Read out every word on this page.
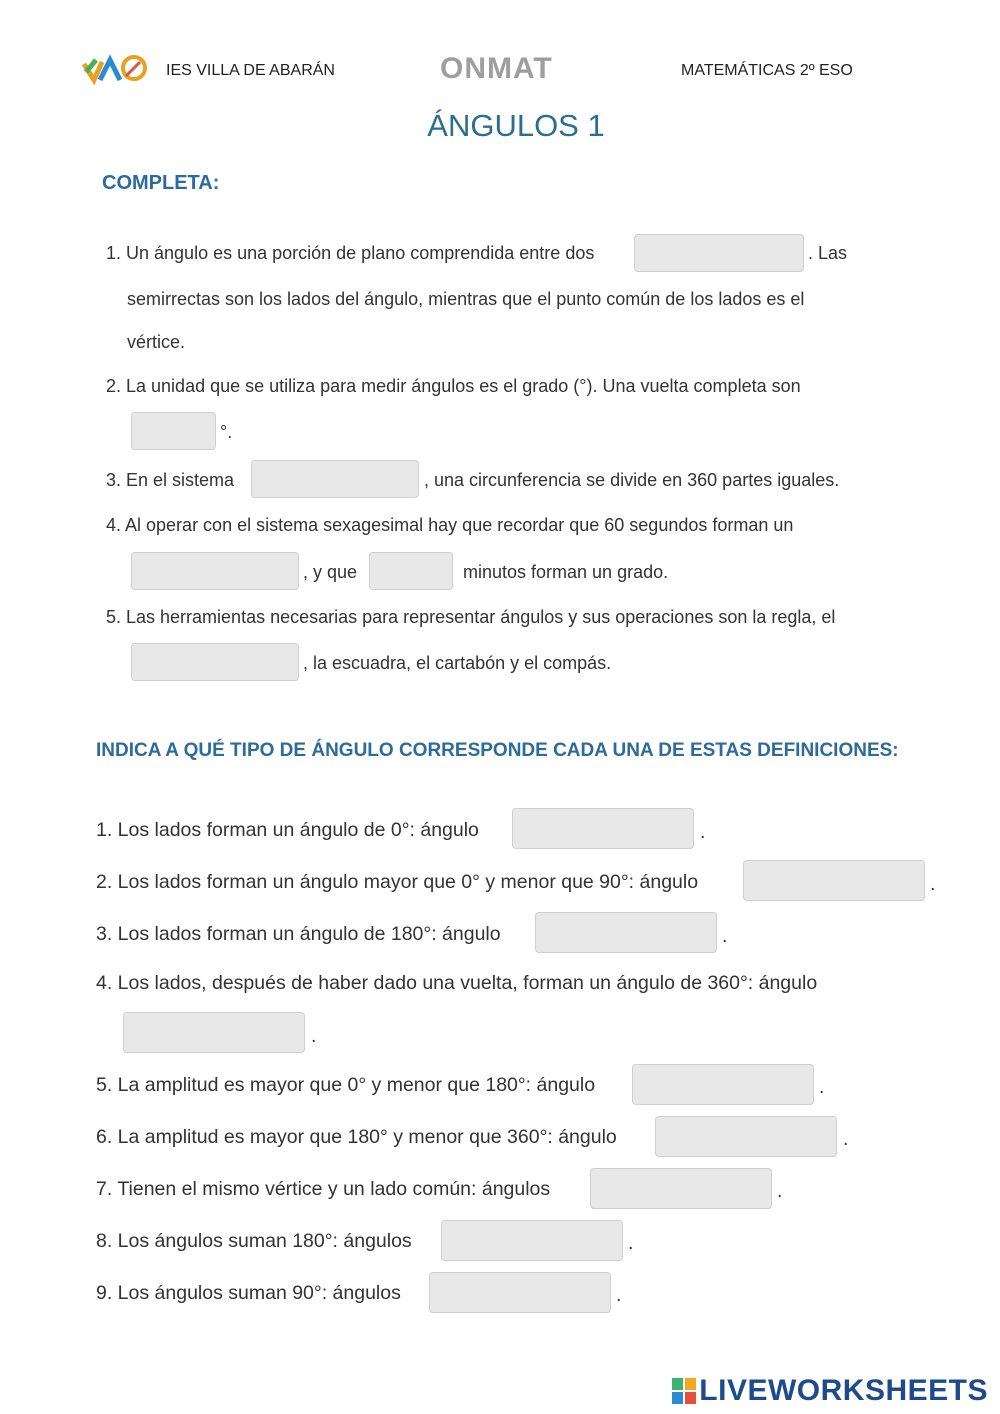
IES VILLA DE ABARÁN	ONMAT	MATEMÁTICAS 2º ESO
ÁNGULOS 1
COMPLETA:
1. Un ángulo es una porción de plano comprendida entre dos	. Las
semirrectas son los lados del ángulo, mientras que el punto común de los lados es el
vértice.
2. La unidad que se utiliza para medir ángulos es el grado (°). Una vuelta completa son
°.
3. En el sistema	, una circunferencia se divide en 360 partes iguales.
4. Al operar con el sistema sexagesimal hay que recordar que 60 segundos forman un
, y que	minutos forman un grado.
5. Las herramientas necesarias para representar ángulos y sus operaciones son la regla, el
, la escuadra, el cartabón y el compás.
INDICA A QUÉ TIPO DE ÁNGULO CORRESPONDE CADA UNA DE ESTAS DEFINICIONES:
1. Los lados forman un ángulo de 0°: ángulo	.
2. Los lados forman un ángulo mayor que 0° y menor que 90°: ángulo	.
3. Los lados forman un ángulo de 180°: ángulo	.
4. Los lados, después de haber dado una vuelta, forman un ángulo de 360°: ángulo
.
5. La amplitud es mayor que 0° y menor que 180°: ángulo	.
6. La amplitud es mayor que 180° y menor que 360°: ángulo	.
7. Tienen el mismo vértice y un lado común: ángulos	.
8. Los ángulos suman 180°: ángulos	.
9. Los ángulos suman 90°: ángulos	.
LIVEWORKSHEETS
